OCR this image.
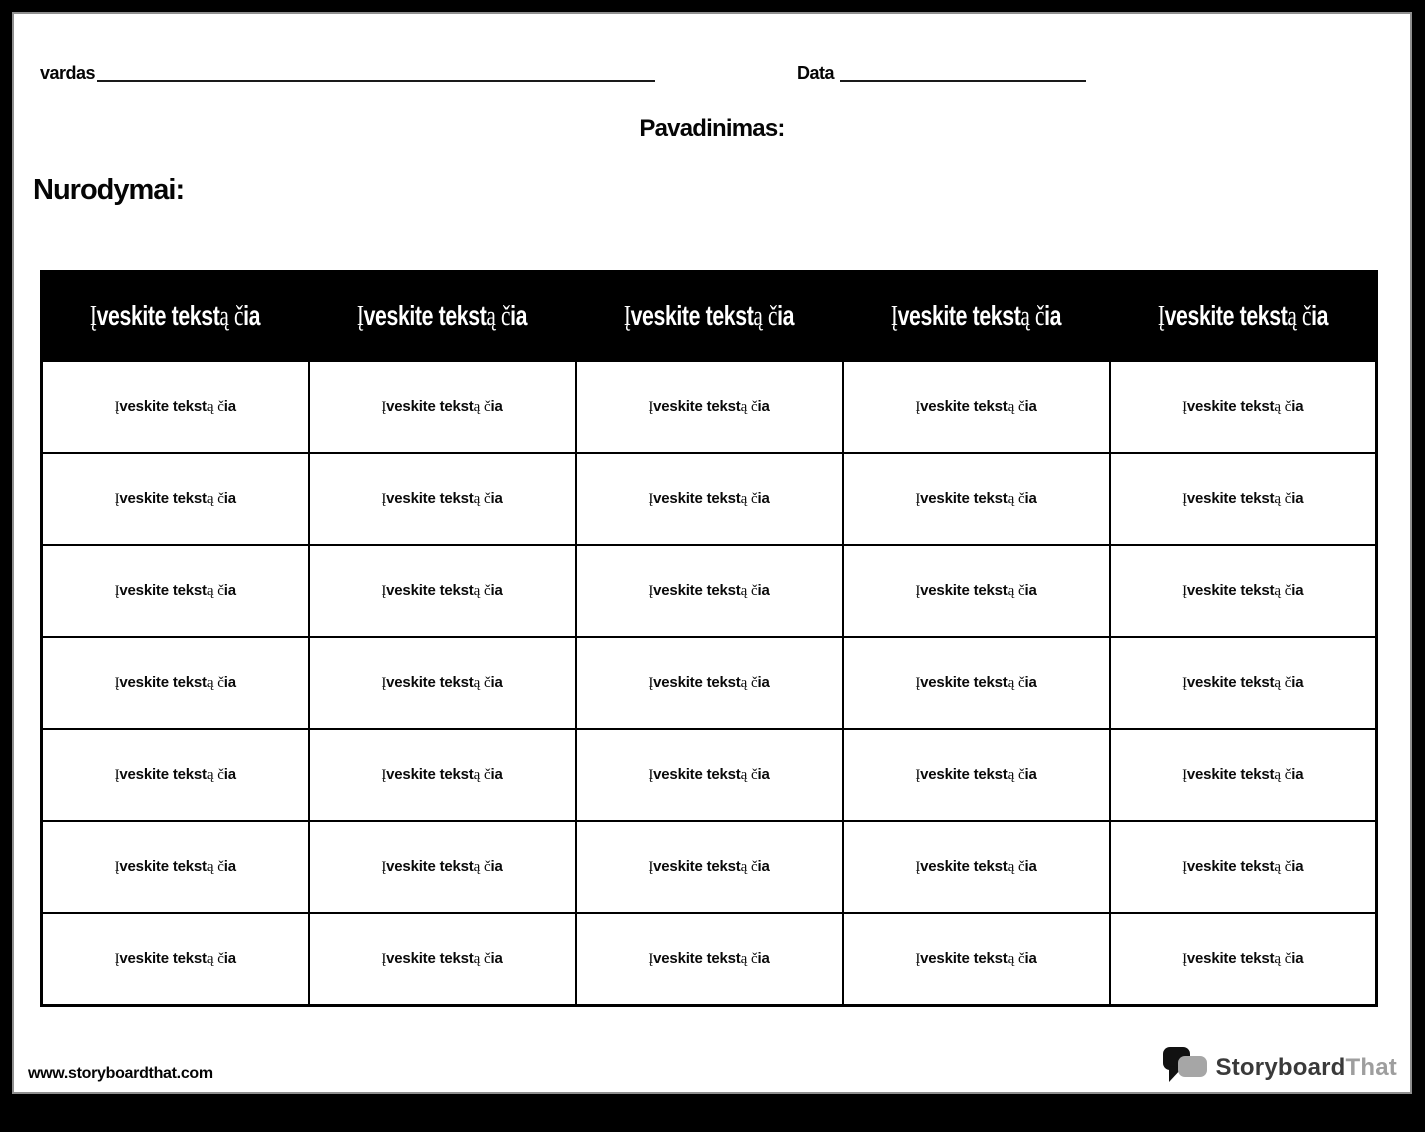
vardas	Data
Pavadinimas:
Nurodymai:
Įveskite tekstą čia	Įveskite tekstą čia	Įveskite tekstą čia	Įveskite tekstą čia	Įveskite tekstą čia
Įveskite tekstą čia	Įveskite tekstą čia	Įveskite tekstą čia	Įveskite tekstą čia	Įveskite tekstą čia
Įveskite tekstą čia	Įveskite tekstą čia	Įveskite tekstą čia	Įveskite tekstą čia	Įveskite tekstą čia
Įveskite tekstą čia	Įveskite tekstą čia	Įveskite tekstą čia	Įveskite tekstą čia	Įveskite tekstą čia
Įveskite tekstą čia	Įveskite tekstą čia	Įveskite tekstą čia	Įveskite tekstą čia	Įveskite tekstą čia
Įveskite tekstą čia	Įveskite tekstą čia	Įveskite tekstą čia	Įveskite tekstą čia	Įveskite tekstą čia
Įveskite tekstą čia	Įveskite tekstą čia	Įveskite tekstą čia	Įveskite tekstą čia	Įveskite tekstą čia
Įveskite tekstą čia	Įveskite tekstą čia	Įveskite tekstą čia	Įveskite tekstą čia	Įveskite tekstą čia
www.storyboardthat.com	StoryboardThat
